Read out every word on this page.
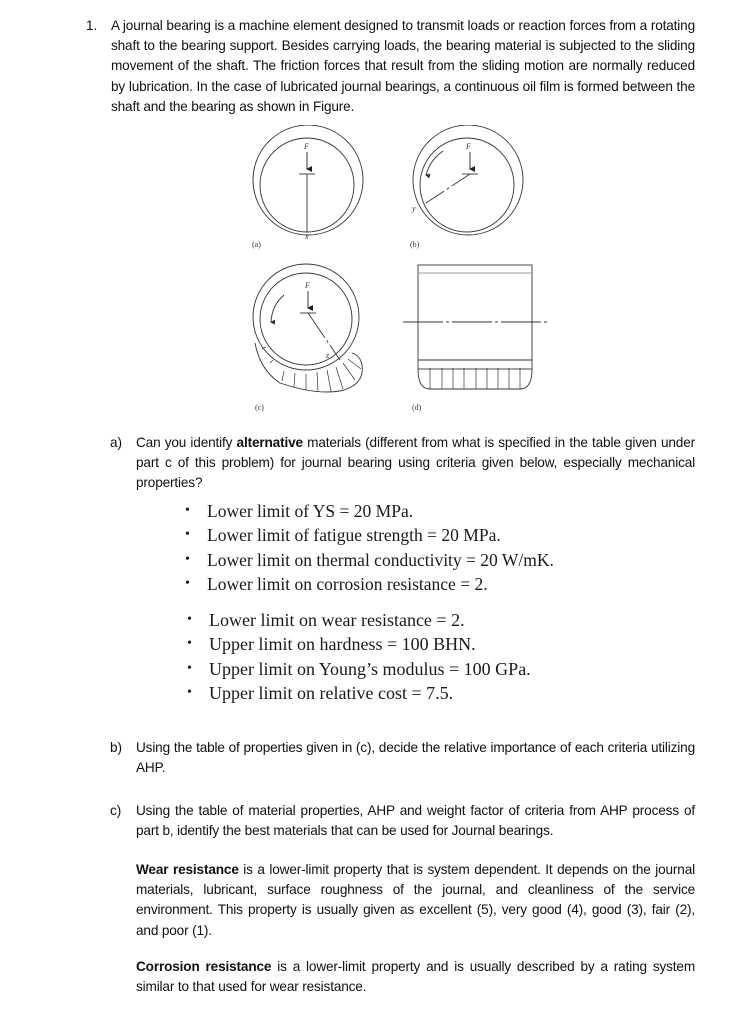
1. A journal bearing is a machine element designed to transmit loads or reaction forces from a rotating shaft to the bearing support. Besides carrying loads, the bearing material is subjected to the sliding movement of the shaft. The friction forces that result from the sliding motion are normally reduced by lubrication. In the case of lubricated journal bearings, a continuous oil film is formed between the shaft and the bearing as shown in Figure.
F
x
(a)
F
y
(b)
F
z
(c)	(d)
a) Can you identify alternative materials (different from what is specified in the table given under part c of this problem) for journal bearing using criteria given below, especially mechanical properties?
• Lower limit of YS = 20 MPa.
• Lower limit of fatigue strength = 20 MPa.
• Lower limit on thermal conductivity = 20 W/mK.
• Lower limit on corrosion resistance = 2.
• Lower limit on wear resistance = 2.
• Upper limit on hardness = 100 BHN.
• Upper limit on Young’s modulus = 100 GPa.
• Upper limit on relative cost = 7.5.
b) Using the table of properties given in (c), decide the relative importance of each criteria utilizing AHP.
c) Using the table of material properties, AHP and weight factor of criteria from AHP process of part b, identify the best materials that can be used for Journal bearings.
Wear resistance is a lower-limit property that is system dependent. It depends on the journal materials, lubricant, surface roughness of the journal, and cleanliness of the service environment. This property is usually given as excellent (5), very good (4), good (3), fair (2), and poor (1).
Corrosion resistance is a lower-limit property and is usually described by a rating system similar to that used for wear resistance.
